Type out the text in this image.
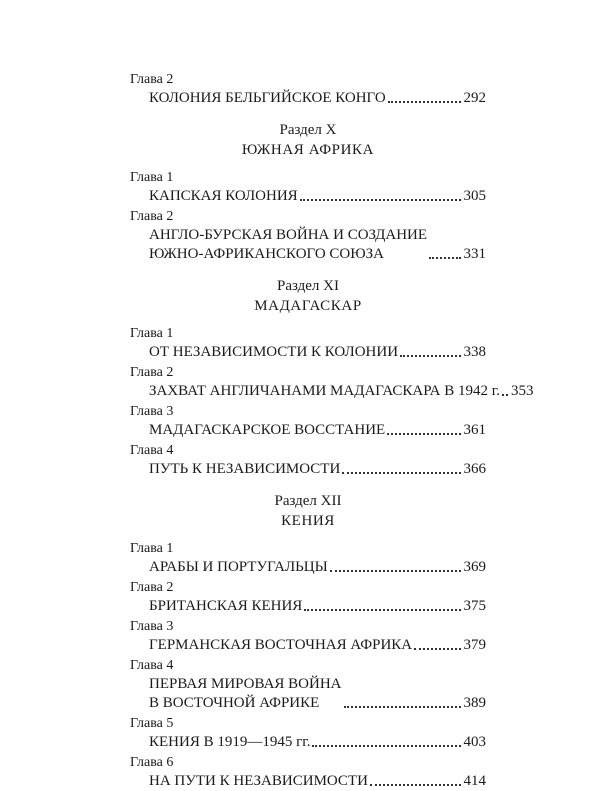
Глава 2
КОЛОНИЯ БЕЛЬГИЙСКОЕ КОНГО	292
Раздел X
ЮЖНАЯ АФРИКА
Глава 1
КАПСКАЯ КОЛОНИЯ	305
Глава 2
АНГЛО-БУРСКАЯ ВОЙНА И СОЗДАНИЕ
ЮЖНО-АФРИКАНСКОГО СОЮЗА	331
Раздел XI
МАДАГАСКАР
Глава 1
ОТ НЕЗАВИСИМОСТИ К КОЛОНИИ	338
Глава 2
ЗАХВАТ АНГЛИЧАНАМИ МАДАГАСКАРА В 1942 г. 353
Глава 3
МАДАГАСКАРСКОЕ ВОССТАНИЕ	361
Глава 4
ПУТЬ К НЕЗАВИСИМОСТИ	366
Раздел XII
КЕНИЯ
Глава 1
АРАБЫ И ПОРТУГАЛЬЦЫ	369
Глава 2
БРИТАНСКАЯ КЕНИЯ	375
Глава 3
ГЕРМАНСКАЯ ВОСТОЧНАЯ АФРИКА	379
Глава 4
ПЕРВАЯ МИРОВАЯ ВОЙНА
В ВОСТОЧНОЙ АФРИКЕ	389
Глава 5
КЕНИЯ В 1919—1945 гг.	403
Глава 6
НА ПУТИ К НЕЗАВИСИМОСТИ	414
